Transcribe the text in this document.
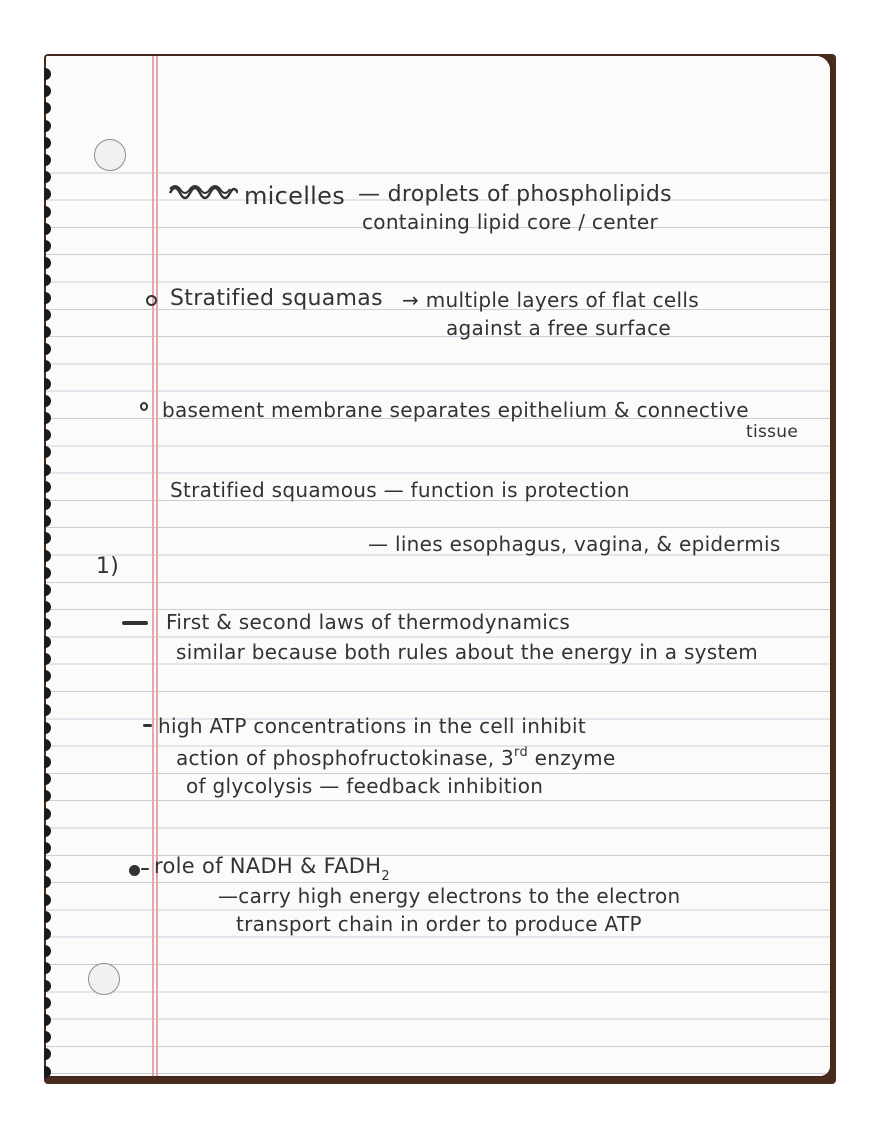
micelles — droplets of phospholipids
containing lipid core / center
Stratified squamas → multiple layers of flat cells
against a free surface
basement membrane separates epithelium & connective
tissue
Stratified squamous — function is protection
— lines esophagus, vagina, & epidermis
1)
First & second laws of thermodynamics
similar because both rules about the energy in a system
high ATP concentrations in the cell inhibit
action of phosphofructokinase, 3rd enzyme
of glycolysis — feedback inhibition
role of NADH & $FADH_2$
—carry high energy electrons to the electron
transport chain in order to produce ATP
